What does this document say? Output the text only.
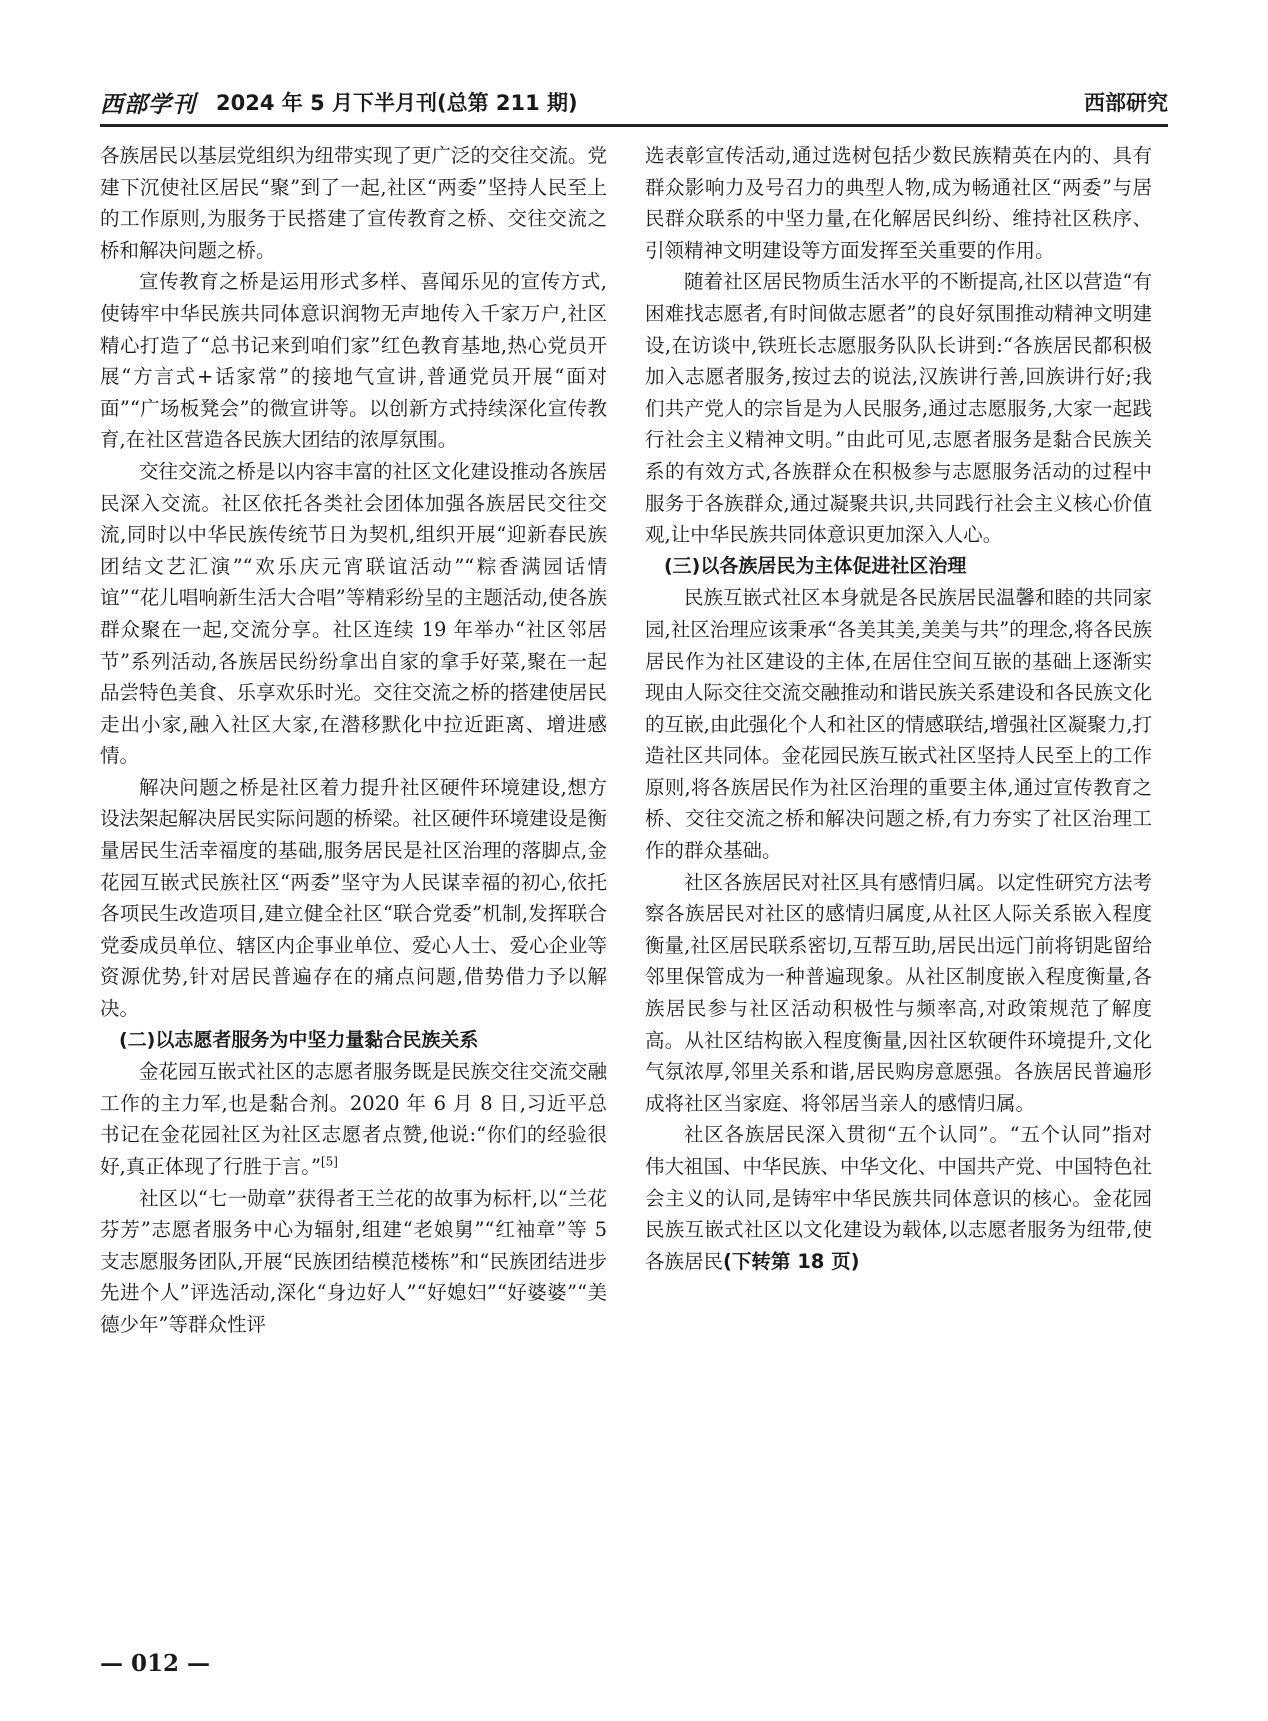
西部学刊 2024 年 5 月下半月刊(总第 211 期)	西部研究

各族居民以基层党组织为纽带实现了更广泛的交往交流。党建下沉使社区居民“聚”到了一起,社区“两委”坚持人民至上的工作原则,为服务于民搭建了宣传教育之桥、交往交流之桥和解决问题之桥。

宣传教育之桥是运用形式多样、喜闻乐见的宣传方式,使铸牢中华民族共同体意识润物无声地传入千家万户,社区精心打造了“总书记来到咱们家”红色教育基地,热心党员开展“方言式+话家常”的接地气宣讲,普通党员开展“面对面”“广场板凳会”的微宣讲等。以创新方式持续深化宣传教育,在社区营造各民族大团结的浓厚氛围。

交往交流之桥是以内容丰富的社区文化建设推动各族居民深入交流。社区依托各类社会团体加强各族居民交往交流,同时以中华民族传统节日为契机,组织开展“迎新春民族团结文艺汇演”“欢乐庆元宵联谊活动”“粽香满园话情谊”“花儿唱响新生活大合唱”等精彩纷呈的主题活动,使各族群众聚在一起,交流分享。社区连续 19 年举办“社区邻居节”系列活动,各族居民纷纷拿出自家的拿手好菜,聚在一起品尝特色美食、乐享欢乐时光。交往交流之桥的搭建使居民走出小家,融入社区大家,在潜移默化中拉近距离、增进感情。

解决问题之桥是社区着力提升社区硬件环境建设,想方设法架起解决居民实际问题的桥梁。社区硬件环境建设是衡量居民生活幸福度的基础,服务居民是社区治理的落脚点,金花园互嵌式民族社区“两委”坚守为人民谋幸福的初心,依托各项民生改造项目,建立健全社区“联合党委”机制,发挥联合党委成员单位、辖区内企事业单位、爱心人士、爱心企业等资源优势,针对居民普遍存在的痛点问题,借势借力予以解决。

(二)以志愿者服务为中坚力量黏合民族关系

金花园互嵌式社区的志愿者服务既是民族交往交流交融工作的主力军,也是黏合剂。2020 年 6 月 8 日,习近平总书记在金花园社区为社区志愿者点赞,他说:“你们的经验很好,真正体现了行胜于言。”[5]

社区以“七一勋章”获得者王兰花的故事为标杆,以“兰花芬芳”志愿者服务中心为辐射,组建“老娘舅”“红袖章”等 5 支志愿服务团队,开展“民族团结模范楼栋”和“民族团结进步先进个人”评选活动,深化“身边好人”“好媳妇”“好婆婆”“美德少年”等群众性评

选表彰宣传活动,通过选树包括少数民族精英在内的、具有群众影响力及号召力的典型人物,成为畅通社区“两委”与居民群众联系的中坚力量,在化解居民纠纷、维持社区秩序、引领精神文明建设等方面发挥至关重要的作用。

随着社区居民物质生活水平的不断提高,社区以营造“有困难找志愿者,有时间做志愿者”的良好氛围推动精神文明建设,在访谈中,铁班长志愿服务队队长讲到:“各族居民都积极加入志愿者服务,按过去的说法,汉族讲行善,回族讲行好;我们共产党人的宗旨是为人民服务,通过志愿服务,大家一起践行社会主义精神文明。”由此可见,志愿者服务是黏合民族关系的有效方式,各族群众在积极参与志愿服务活动的过程中服务于各族群众,通过凝聚共识,共同践行社会主义核心价值观,让中华民族共同体意识更加深入人心。

(三)以各族居民为主体促进社区治理

民族互嵌式社区本身就是各民族居民温馨和睦的共同家园,社区治理应该秉承“各美其美,美美与共”的理念,将各民族居民作为社区建设的主体,在居住空间互嵌的基础上逐渐实现由人际交往交流交融推动和谐民族关系建设和各民族文化的互嵌,由此强化个人和社区的情感联结,增强社区凝聚力,打造社区共同体。金花园民族互嵌式社区坚持人民至上的工作原则,将各族居民作为社区治理的重要主体,通过宣传教育之桥、交往交流之桥和解决问题之桥,有力夯实了社区治理工作的群众基础。

社区各族居民对社区具有感情归属。以定性研究方法考察各族居民对社区的感情归属度,从社区人际关系嵌入程度衡量,社区居民联系密切,互帮互助,居民出远门前将钥匙留给邻里保管成为一种普遍现象。从社区制度嵌入程度衡量,各族居民参与社区活动积极性与频率高,对政策规范了解度高。从社区结构嵌入程度衡量,因社区软硬件环境提升,文化气氛浓厚,邻里关系和谐,居民购房意愿强。各族居民普遍形成将社区当家庭、将邻居当亲人的感情归属。

社区各族居民深入贯彻“五个认同”。“五个认同”指对伟大祖国、中华民族、中华文化、中国共产党、中国特色社会主义的认同,是铸牢中华民族共同体意识的核心。金花园民族互嵌式社区以文化建设为载体,以志愿者服务为纽带,使各族居民(下转第 18 页)

— 012 —
